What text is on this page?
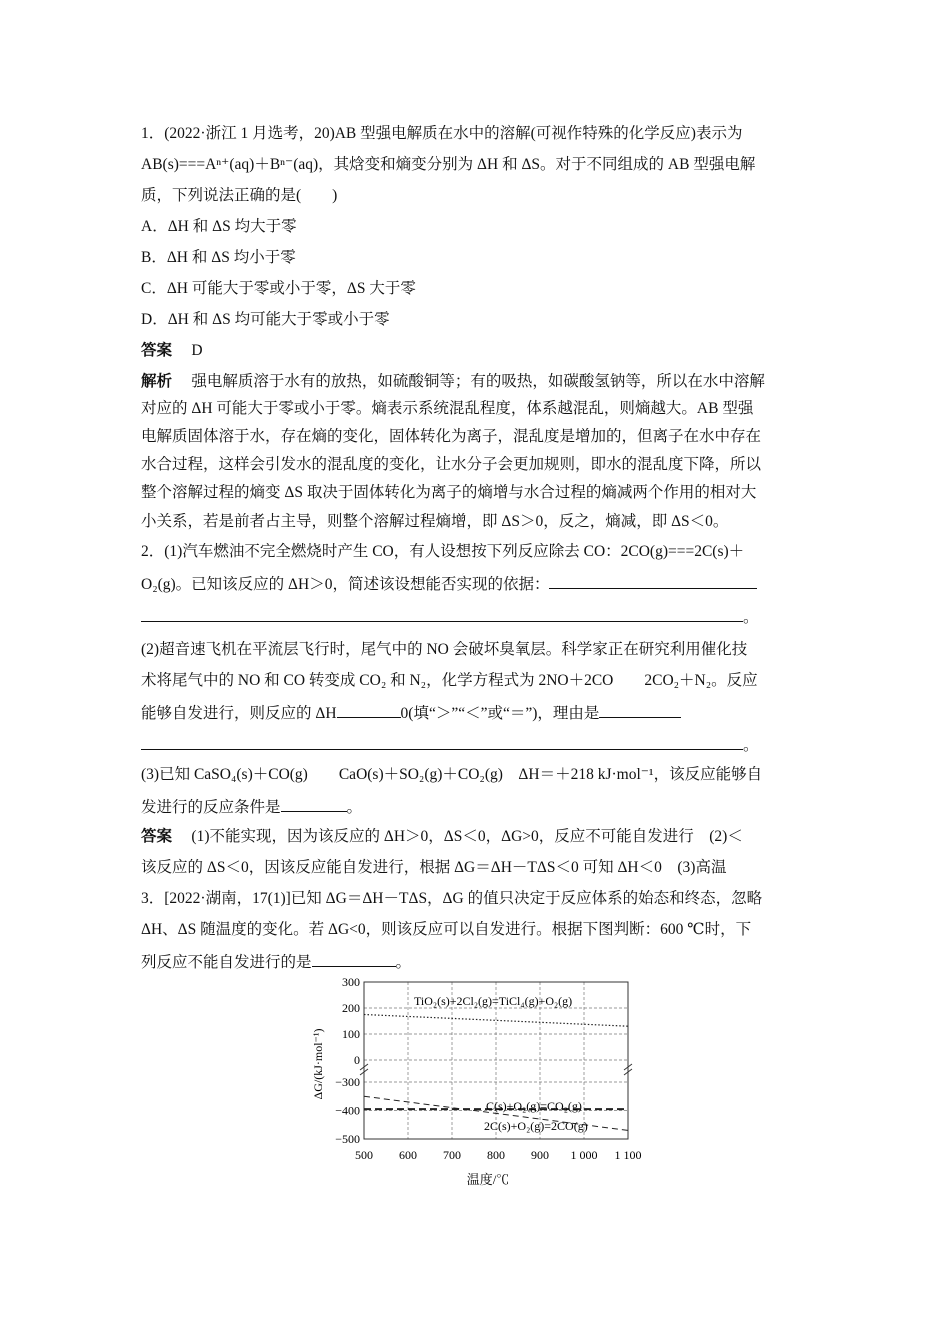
1．(2022·浙江 1 月选考，20)AB 型强电解质在水中的溶解(可视作特殊的化学反应)表示为
AB(s)===Aⁿ⁺(aq)＋Bⁿ⁻(aq)，其焓变和熵变分别为 ΔH 和 ΔS。对于不同组成的 AB 型强电解
质，下列说法正确的是(　　)
A．ΔH 和 ΔS 均大于零
B．ΔH 和 ΔS 均小于零
C．ΔH 可能大于零或小于零，ΔS 大于零
D．ΔH 和 ΔS 均可能大于零或小于零
答案　 D
解析　 强电解质溶于水有的放热，如硫酸铜等；有的吸热，如碳酸氢钠等，所以在水中溶解
对应的 ΔH 可能大于零或小于零。熵表示系统混乱程度，体系越混乱，则熵越大。AB 型强
电解质固体溶于水，存在熵的变化，固体转化为离子，混乱度是增加的，但离子在水中存在
水合过程，这样会引发水的混乱度的变化，让水分子会更加规则，即水的混乱度下降，所以
整个溶解过程的熵变 ΔS 取决于固体转化为离子的熵增与水合过程的熵减两个作用的相对大
小关系，若是前者占主导，则整个溶解过程熵增，即 ΔS＞0，反之，熵减，即 ΔS＜0。
2．(1)汽车燃油不完全燃烧时产生 CO，有人设想按下列反应除去 CO：2CO(g)===2C(s)＋
O₂(g)。已知该反应的 ΔH＞0，简述该设想能否实现的依据：
。
(2)超音速飞机在平流层飞行时，尾气中的 NO 会破坏臭氧层。科学家正在研究利用催化技
术将尾气中的 NO 和 CO 转变成 CO₂ 和 N₂，化学方程式为 2NO＋2CO　　2CO₂＋N₂。反应
能够自发进行，则反应的 ΔH	0(填“＞”“＜”或“＝”)，理由是
。
(3)已知 CaSO₄(s)＋CO(g)　　CaO(s)＋SO₂(g)＋CO₂(g)　ΔH＝＋218 kJ·mol⁻¹，该反应能够自
发进行的反应条件是	。
答案　 (1)不能实现，因为该反应的 ΔH＞0，ΔS＜0，ΔG>0，反应不可能自发进行　(2)＜
该反应的 ΔS＜0，因该反应能自发进行，根据 ΔG＝ΔH－TΔS＜0 可知 ΔH＜0　(3)高温
3．[2022·湖南，17(1)]已知 ΔG＝ΔH－TΔS，ΔG 的值只决定于反应体系的始态和终态，忽略
ΔH、ΔS 随温度的变化。若 ΔG<0，则该反应可以自发进行。根据下图判断：600 ℃时，下
列反应不能自发进行的是	。
300
200
100
0
−300
−400
−500
500 600 700 800 900 1 000 1 100
TiO₂(s)+2Cl₂(g)=TiCl₄(g)+O₂(g)
C(s)+O₂(g)=CO₂(g)
2C(s)+O₂(g)=2CO(g)
ΔG/(kJ·mol⁻¹)
温度/℃
